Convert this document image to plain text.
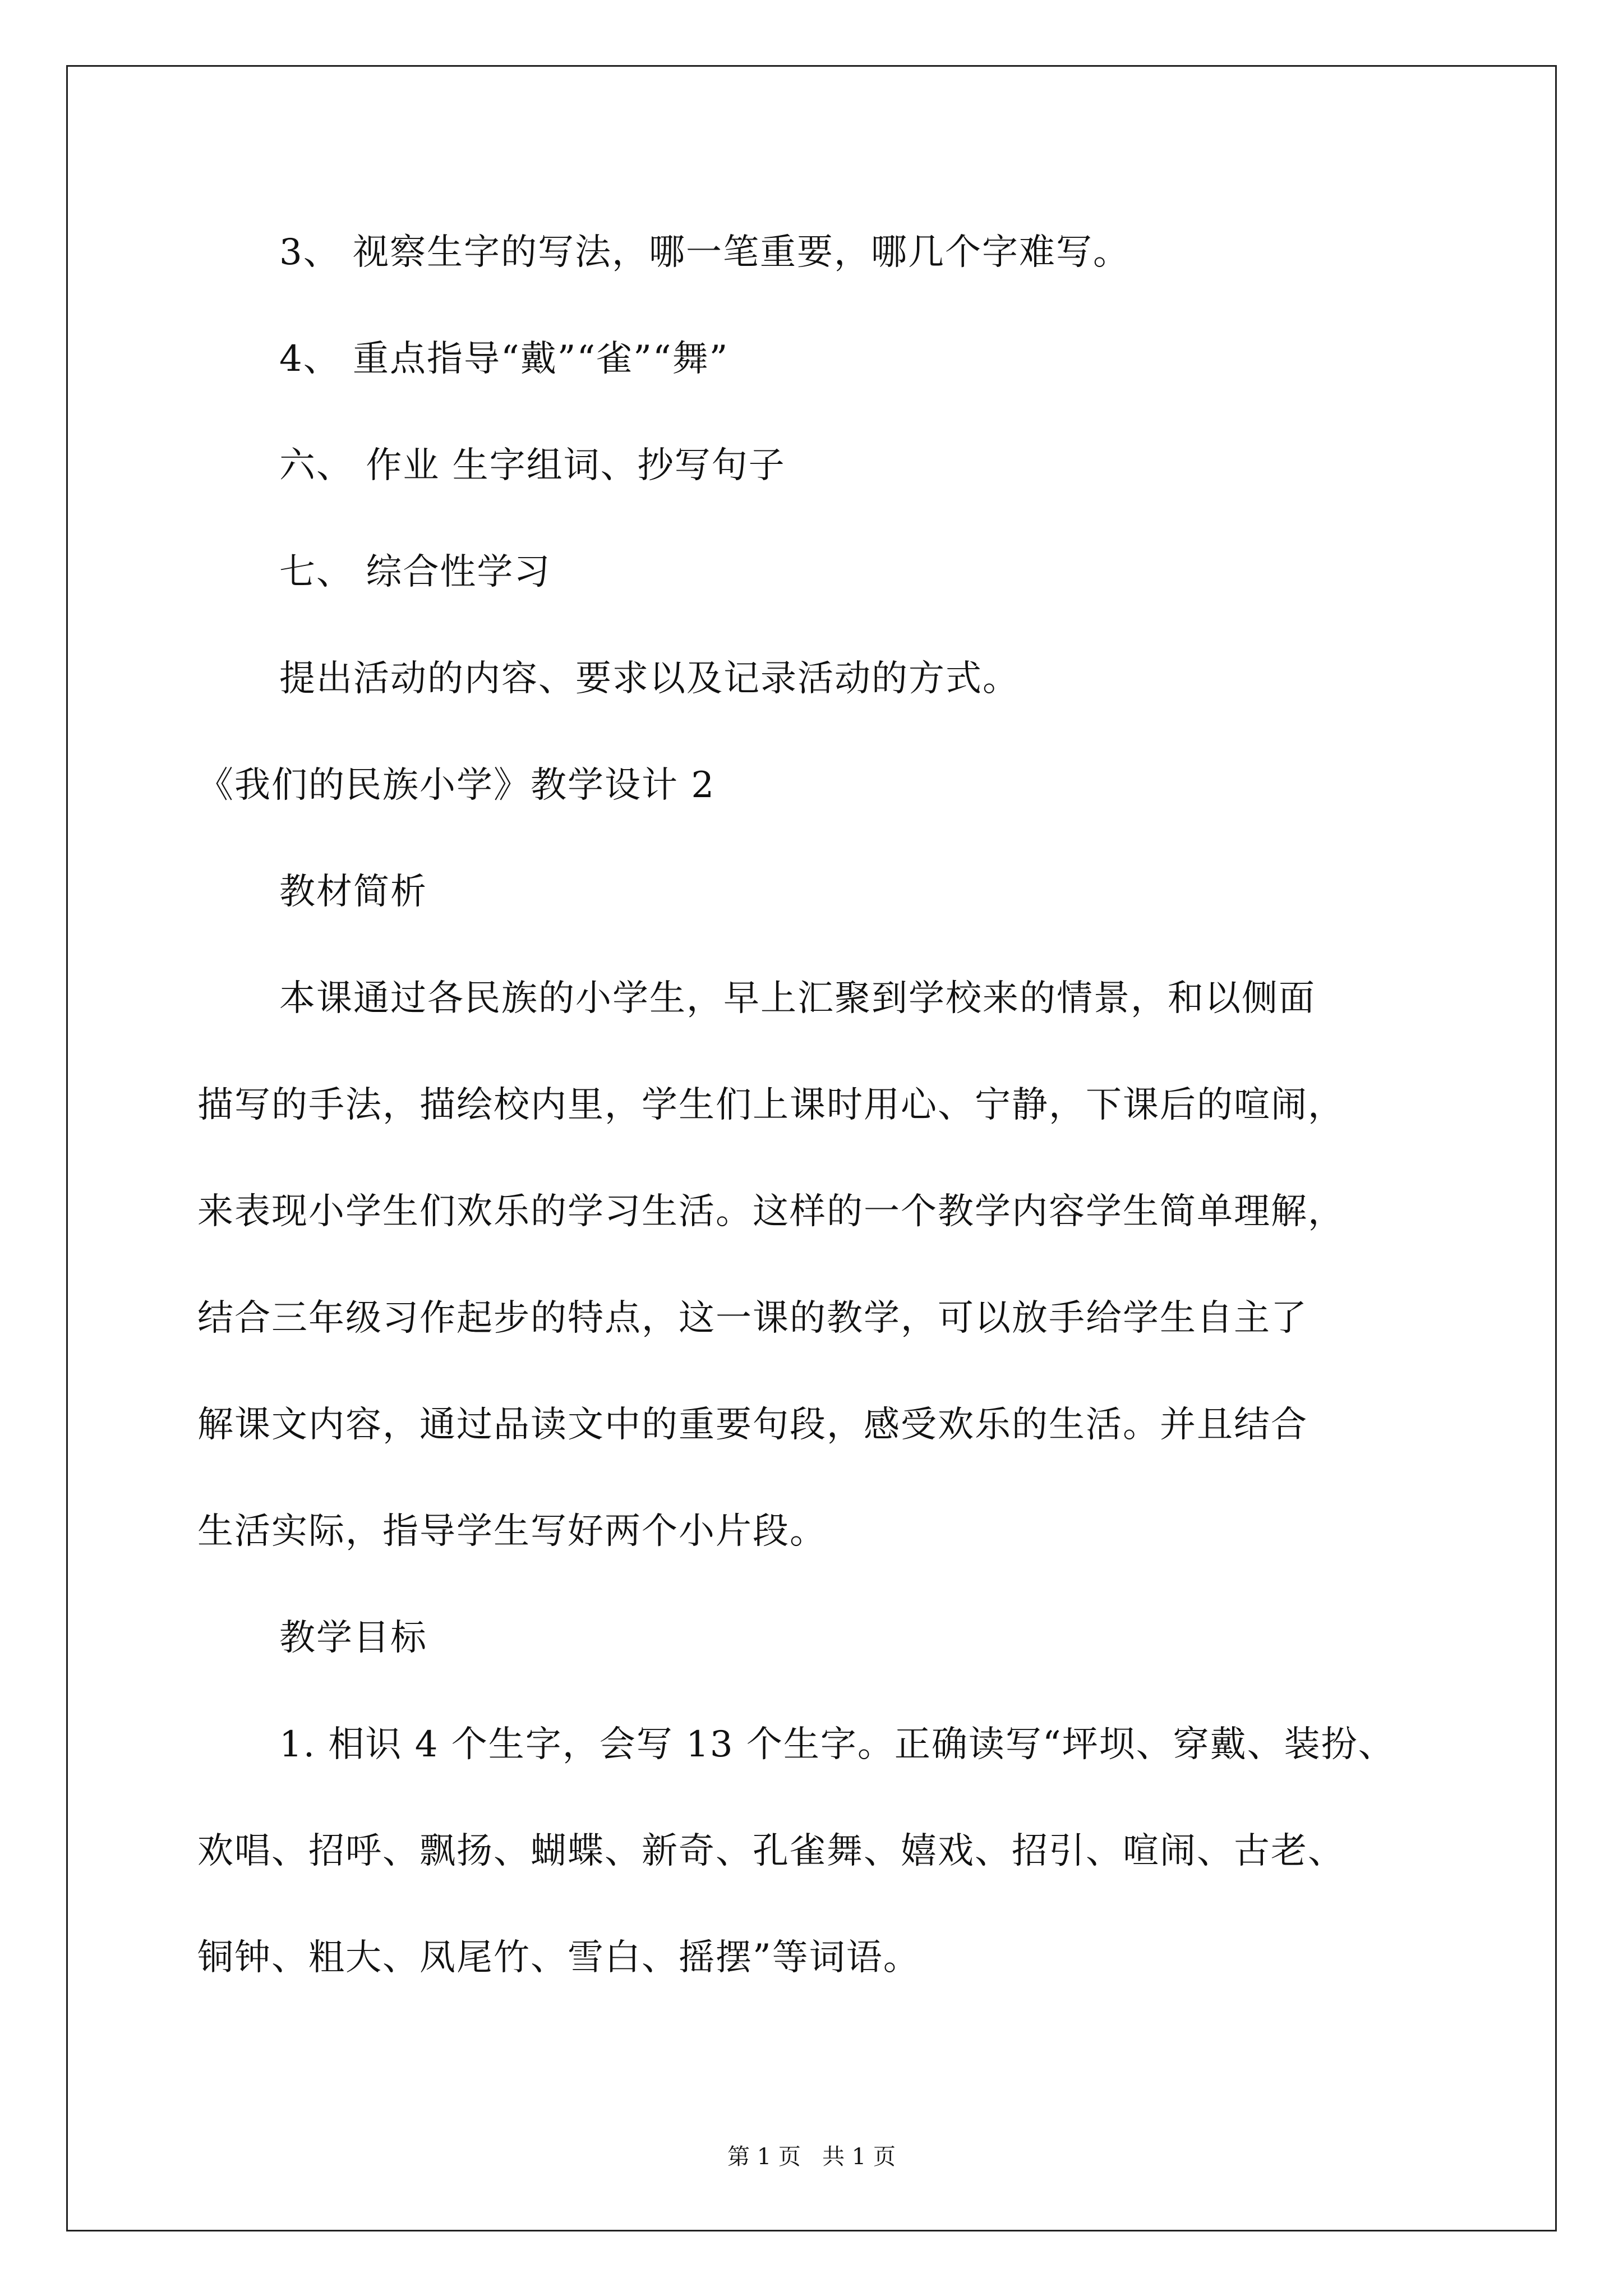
3、 视察生字的写法，哪一笔重要，哪几个字难写。
4、 重点指导“戴”“雀”“舞”
六、 作业 生字组词、抄写句子
七、 综合性学习
提出活动的内容、要求以及记录活动的方式。
《我们的民族小学》教学设计 2
教材简析
本课通过各民族的小学生，早上汇聚到学校来的情景，和以侧面
描写的手法，描绘校内里，学生们上课时用心、宁静，下课后的喧闹，
来表现小学生们欢乐的学习生活。这样的一个教学内容学生简单理解，
结合三年级习作起步的特点，这一课的教学，可以放手给学生自主了
解课文内容，通过品读文中的重要句段，感受欢乐的生活。并且结合
生活实际，指导学生写好两个小片段。
教学目标
1. 相识 4 个生字，会写 13 个生字。正确读写“坪坝、穿戴、装扮、
欢唱、招呼、飘扬、蝴蝶、新奇、孔雀舞、嬉戏、招引、喧闹、古老、
铜钟、粗大、凤尾竹、雪白、摇摆”等词语。
第 1 页   共 1 页
